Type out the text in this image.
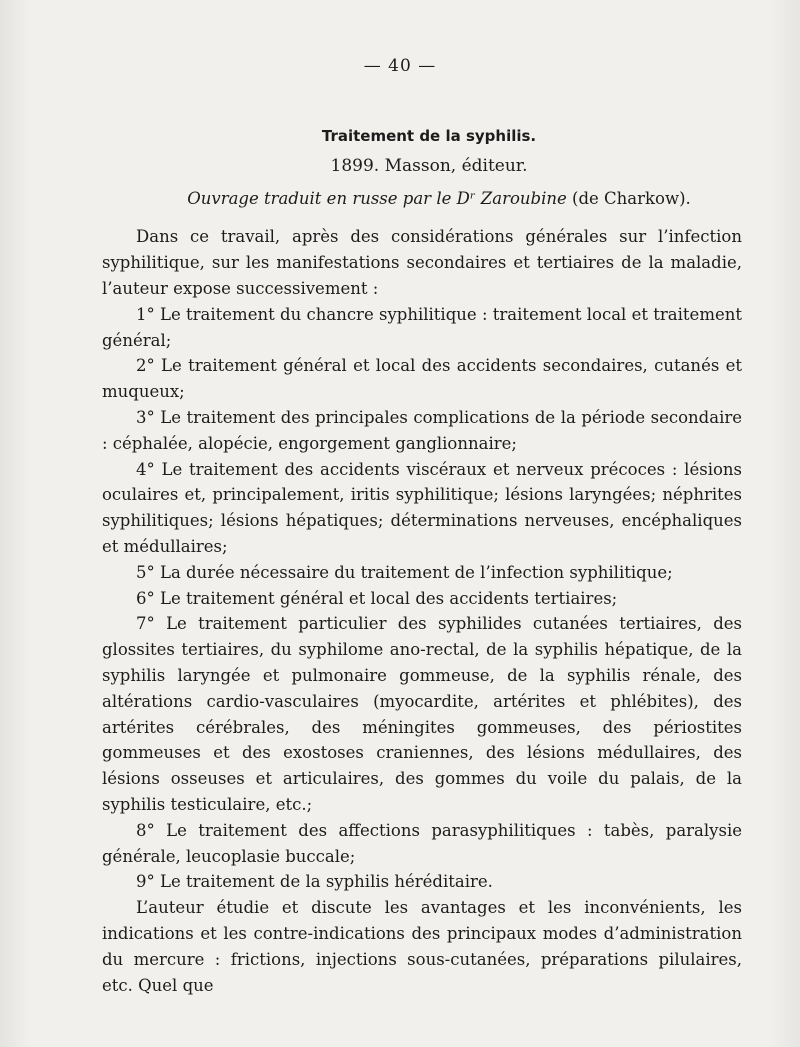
— 40 —
Traitement de la syphilis.
1899. Masson, éditeur.
Ouvrage traduit en russe par le Dʳ Zaroubine (de Charkow).

Dans ce travail, après des considérations générales sur l’infection syphilitique, sur les manifestations secondaires et tertiaires de la maladie, l’auteur expose successivement :

1° Le traitement du chancre syphilitique : traitement local et traitement général;

2° Le traitement général et local des accidents secondaires, cutanés et muqueux;

3° Le traitement des principales complications de la période secondaire : céphalée, alopécie, engorgement ganglionnaire;

4° Le traitement des accidents viscéraux et nerveux précoces : lésions oculaires et, principalement, iritis syphilitique; lésions laryngées; néphrites syphilitiques; lésions hépatiques; déterminations nerveuses, encéphaliques et médullaires;

5° La durée nécessaire du traitement de l’infection syphilitique;

6° Le traitement général et local des accidents tertiaires;

7° Le traitement particulier des syphilides cutanées tertiaires, des glossites tertiaires, du syphilome ano-rectal, de la syphilis hépatique, de la syphilis laryngée et pulmonaire gommeuse, de la syphilis rénale, des altérations cardio-vasculaires (myocardite, artérites et phlébites), des artérites cérébrales, des méningites gommeuses, des périostites gommeuses et des exostoses craniennes, des lésions médullaires, des lésions osseuses et articulaires, des gommes du voile du palais, de la syphilis testiculaire, etc.;

8° Le traitement des affections parasyphilitiques : tabès, paralysie générale, leucoplasie buccale;

9° Le traitement de la syphilis héréditaire.

L’auteur étudie et discute les avantages et les inconvénients, les indications et les contre-indications des principaux modes d’administration du mercure : frictions, injections sous-cutanées, préparations pilulaires, etc. Quel que
